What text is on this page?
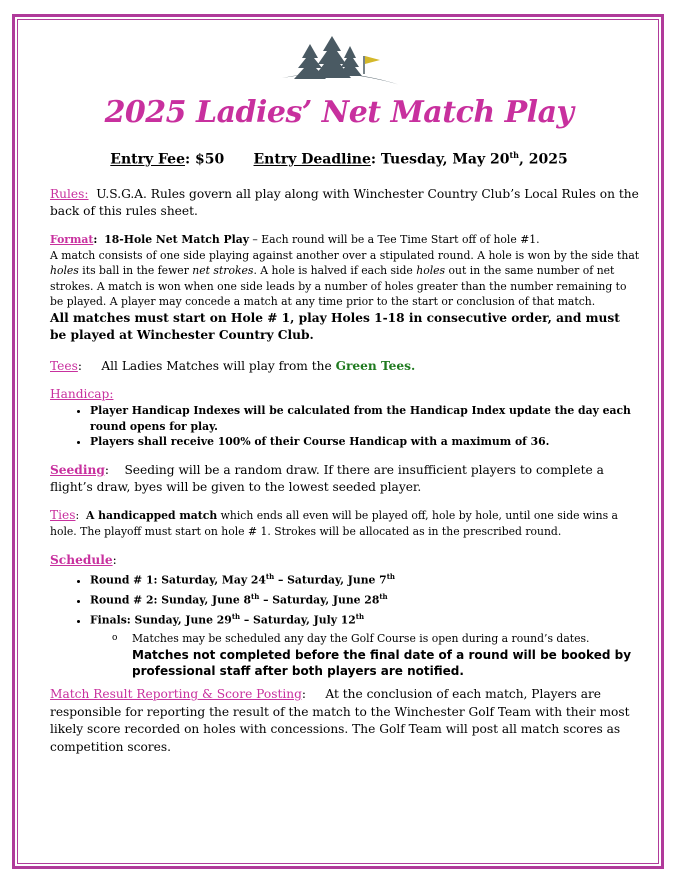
2025 Ladies’ Net Match Play
Entry Fee: $50 Entry Deadline: Tuesday, May 20th, 2025
Rules: U.S.G.A. Rules govern all play along with Winchester Country Club’s Local Rules on the back of this rules sheet.
Format: 18-Hole Net Match Play – Each round will be a Tee Time Start off of hole #1.
A match consists of one side playing against another over a stipulated round. A hole is won by the side that holes its ball in the fewer net strokes. A hole is halved if each side holes out in the same number of net strokes. A match is won when one side leads by a number of holes greater than the number remaining to be played. A player may concede a match at any time prior to the start or conclusion of that match.
All matches must start on Hole # 1, play Holes 1-18 in consecutive order, and must be played at Winchester Country Club.
Tees: All Ladies Matches will play from the Green Tees.
Handicap:
• Player Handicap Indexes will be calculated from the Handicap Index update the day each round opens for play.
• Players shall receive 100% of their Course Handicap with a maximum of 36.
Seeding: Seeding will be a random draw. If there are insufficient players to complete a flight’s draw, byes will be given to the lowest seeded player.
Ties: A handicapped match which ends all even will be played off, hole by hole, until one side wins a hole. The playoff must start on hole # 1. Strokes will be allocated as in the prescribed round.
Schedule:
• Round # 1: Saturday, May 24th – Saturday, June 7th
• Round # 2: Sunday, June 8th – Saturday, June 28th
• Finals: Sunday, June 29th – Saturday, July 12th
o Matches may be scheduled any day the Golf Course is open during a round’s dates.
Matches not completed before the final date of a round will be booked by professional staff after both players are notified.
Match Result Reporting & Score Posting: At the conclusion of each match, Players are responsible for reporting the result of the match to the Winchester Golf Team with their most likely score recorded on holes with concessions. The Golf Team will post all match scores as competition scores.
